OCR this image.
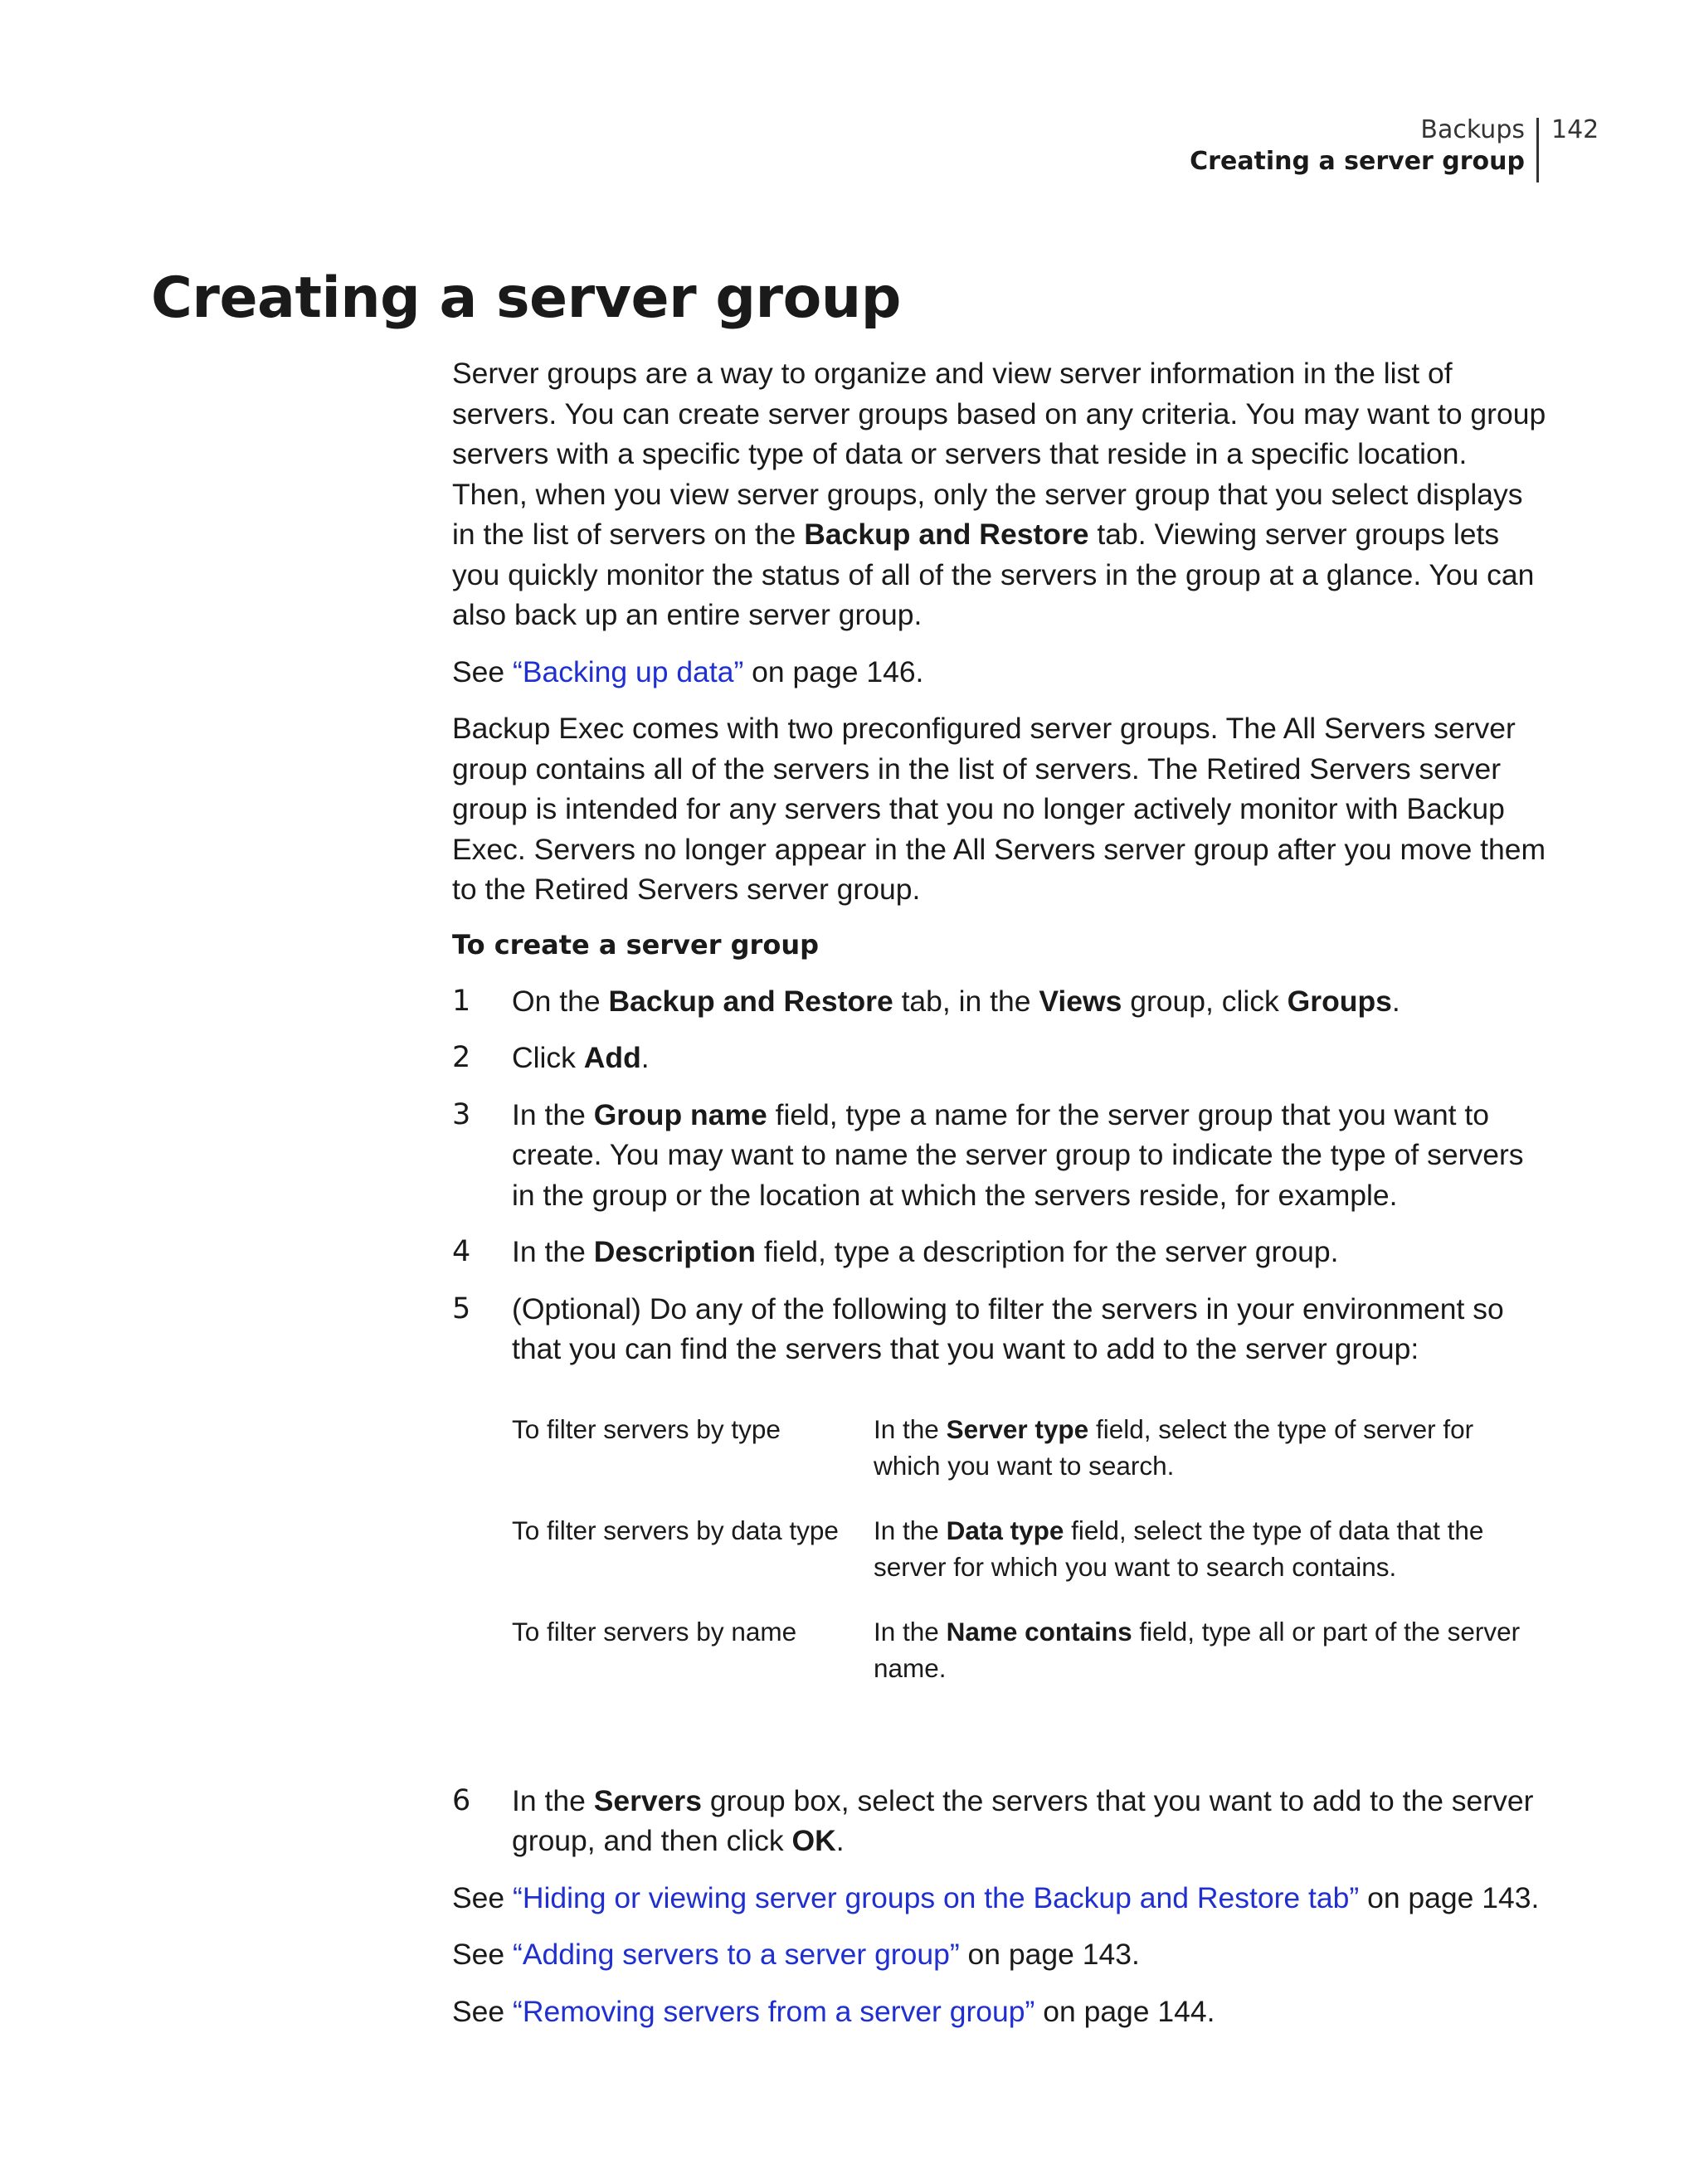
Backups
Creating a server group
142
Creating a server group

Server groups are a way to organize and view server information in the list of servers. You can create server groups based on any criteria. You may want to group servers with a specific type of data or servers that reside in a specific location. Then, when you view server groups, only the server group that you select displays in the list of servers on the Backup and Restore tab. Viewing server groups lets you quickly monitor the status of all of the servers in the group at a glance. You can also back up an entire server group.

See “Backing up data” on page 146.

Backup Exec comes with two preconfigured server groups. The All Servers server group contains all of the servers in the list of servers. The Retired Servers server group is intended for any servers that you no longer actively monitor with Backup Exec. Servers no longer appear in the All Servers server group after you move them to the Retired Servers server group.

To create a server group
1 On the Backup and Restore tab, in the Views group, click Groups.
2 Click Add.
3 In the Group name field, type a name for the server group that you want to create. You may want to name the server group to indicate the type of servers in the group or the location at which the servers reside, for example.
4 In the Description field, type a description for the server group.
5 (Optional) Do any of the following to filter the servers in your environment so that you can find the servers that you want to add to the server group:
To filter servers by type	In the Server type field, select the type of server for which you want to search.
To filter servers by data type	In the Data type field, select the type of data that the server for which you want to search contains.
To filter servers by name	In the Name contains field, type all or part of the server name.
6 In the Servers group box, select the servers that you want to add to the server group, and then click OK.

See “Hiding or viewing server groups on the Backup and Restore tab” on page 143.

See “Adding servers to a server group” on page 143.

See “Removing servers from a server group” on page 144.
